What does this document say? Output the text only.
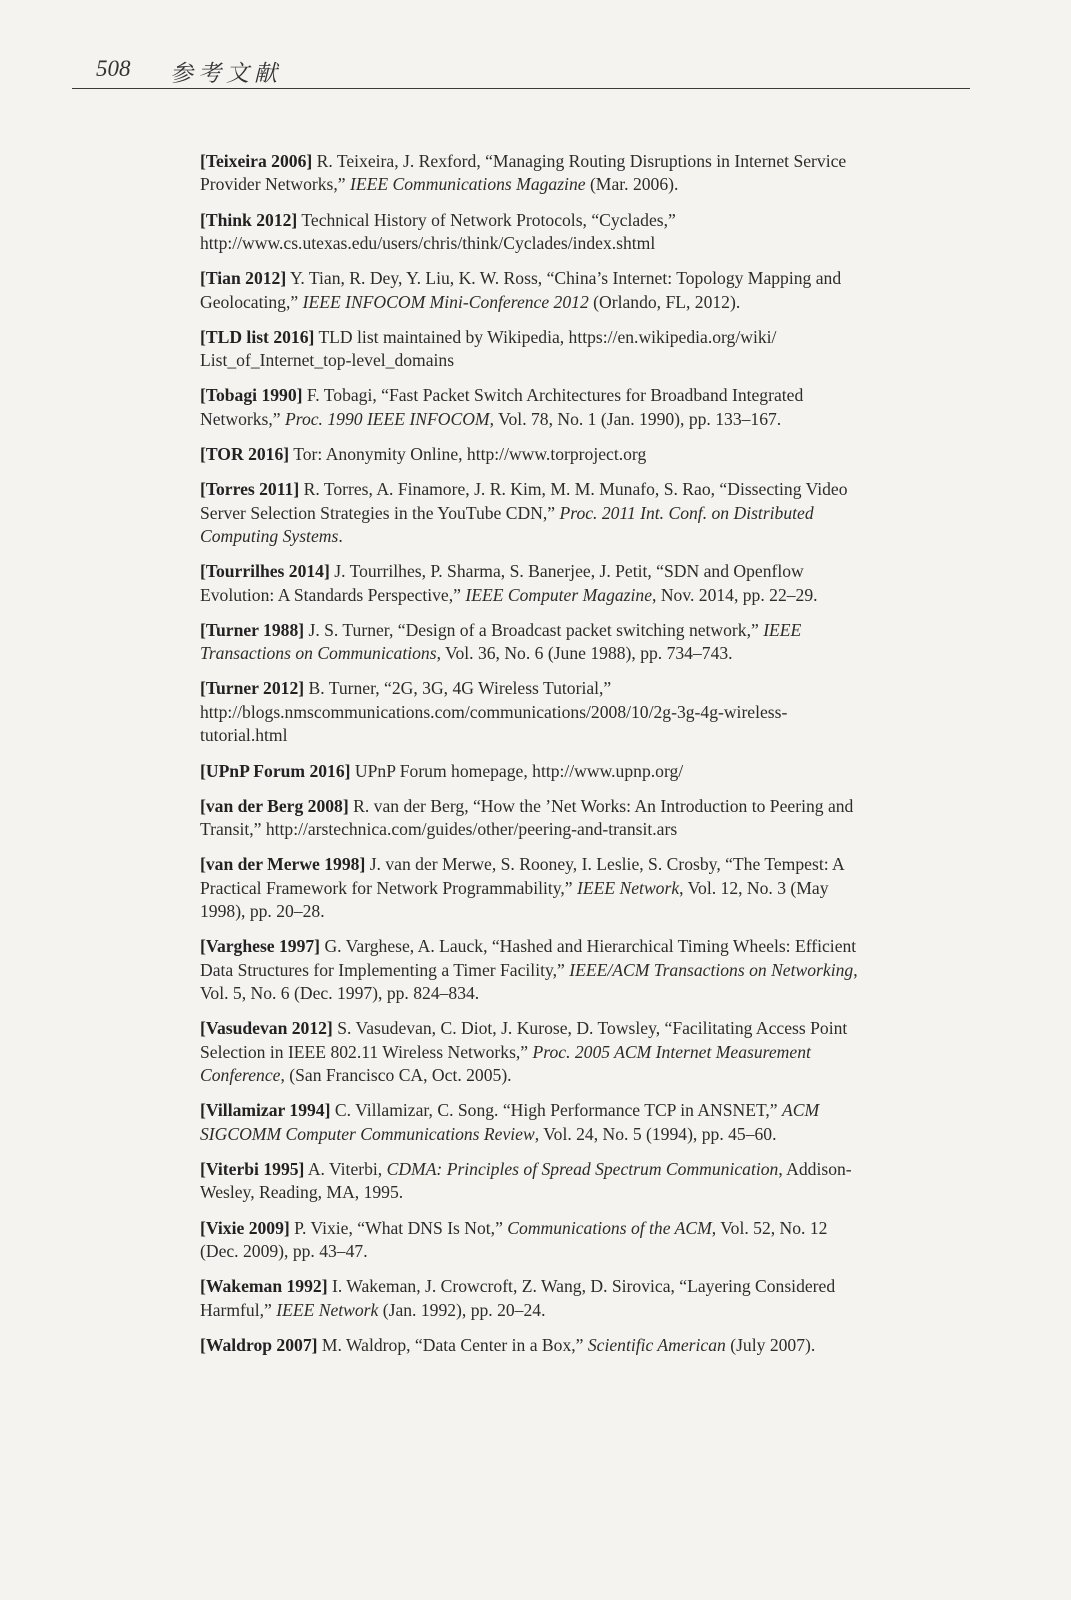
508 参考文献
[Teixeira 2006] R. Teixeira, J. Rexford, “Managing Routing Disruptions in Internet Service Provider Networks,” IEEE Communications Magazine (Mar. 2006).
[Think 2012] Technical History of Network Protocols, “Cyclades,” http://www.cs.utexas.edu/users/chris/think/Cyclades/index.shtml
[Tian 2012] Y. Tian, R. Dey, Y. Liu, K. W. Ross, “China’s Internet: Topology Mapping and Geolocating,” IEEE INFOCOM Mini-Conference 2012 (Orlando, FL, 2012).
[TLD list 2016] TLD list maintained by Wikipedia, https://en.wikipedia.org/wiki/ List_of_Internet_top-level_domains
[Tobagi 1990] F. Tobagi, “Fast Packet Switch Architectures for Broadband Integrated Networks,” Proc. 1990 IEEE INFOCOM, Vol. 78, No. 1 (Jan. 1990), pp. 133–167.
[TOR 2016] Tor: Anonymity Online, http://www.torproject.org
[Torres 2011] R. Torres, A. Finamore, J. R. Kim, M. M. Munafo, S. Rao, “Dissecting Video Server Selection Strategies in the YouTube CDN,” Proc. 2011 Int. Conf. on Distributed Computing Systems.
[Tourrilhes 2014] J. Tourrilhes, P. Sharma, S. Banerjee, J. Petit, “SDN and Openflow Evolution: A Standards Perspective,” IEEE Computer Magazine, Nov. 2014, pp. 22–29.
[Turner 1988] J. S. Turner, “Design of a Broadcast packet switching network,” IEEE Transactions on Communications, Vol. 36, No. 6 (June 1988), pp. 734–743.
[Turner 2012] B. Turner, “2G, 3G, 4G Wireless Tutorial,” http://blogs.nmscommunications.com/communications/2008/10/2g-3g-4g-wireless-tutorial.html
[UPnP Forum 2016] UPnP Forum homepage, http://www.upnp.org/
[van der Berg 2008] R. van der Berg, “How the ’Net Works: An Introduction to Peering and Transit,” http://arstechnica.com/guides/other/peering-and-transit.ars
[van der Merwe 1998] J. van der Merwe, S. Rooney, I. Leslie, S. Crosby, “The Tempest: A Practical Framework for Network Programmability,” IEEE Network, Vol. 12, No. 3 (May 1998), pp. 20–28.
[Varghese 1997] G. Varghese, A. Lauck, “Hashed and Hierarchical Timing Wheels: Efficient Data Structures for Implementing a Timer Facility,” IEEE/ACM Transactions on Networking, Vol. 5, No. 6 (Dec. 1997), pp. 824–834.
[Vasudevan 2012] S. Vasudevan, C. Diot, J. Kurose, D. Towsley, “Facilitating Access Point Selection in IEEE 802.11 Wireless Networks,” Proc. 2005 ACM Internet Measurement Conference, (San Francisco CA, Oct. 2005).
[Villamizar 1994] C. Villamizar, C. Song. “High Performance TCP in ANSNET,” ACM SIGCOMM Computer Communications Review, Vol. 24, No. 5 (1994), pp. 45–60.
[Viterbi 1995] A. Viterbi, CDMA: Principles of Spread Spectrum Communication, Addison-Wesley, Reading, MA, 1995.
[Vixie 2009] P. Vixie, “What DNS Is Not,” Communications of the ACM, Vol. 52, No. 12 (Dec. 2009), pp. 43–47.
[Wakeman 1992] I. Wakeman, J. Crowcroft, Z. Wang, D. Sirovica, “Layering Considered Harmful,” IEEE Network (Jan. 1992), pp. 20–24.
[Waldrop 2007] M. Waldrop, “Data Center in a Box,” Scientific American (July 2007).
